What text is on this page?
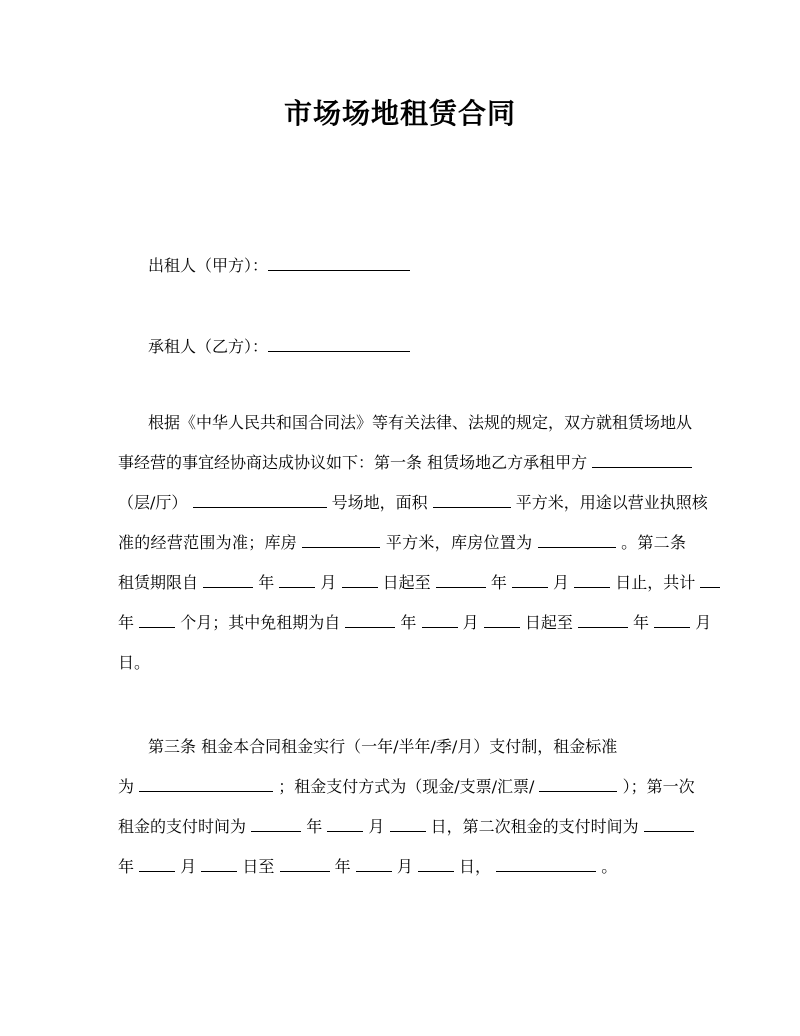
市场场地租赁合同
出租人（甲方）：
承租人（乙方）：
根据《中华人民共和国合同法》等有关法律、法规的规定，双方就租赁场地从
事经营的事宜经协商达成协议如下：第一条 租赁场地乙方承租甲方
（层/厅）	号场地，面积	平方米，用途以营业执照核
准的经营范围为准；库房	平方米，库房位置为	。第二条
租赁期限自	年	月	日起至	年	月	日止，共计
年	个月；其中免租期为自	年	月	日起至	年	月
日。
第三条 租金本合同租金实行（一年/半年/季/月）支付制，租金标准
为	；租金支付方式为（现金/支票/汇票/	）；第一次
租金的支付时间为	年	月	日，第二次租金的支付时间为
年	月	日至	年	月	日，	。
